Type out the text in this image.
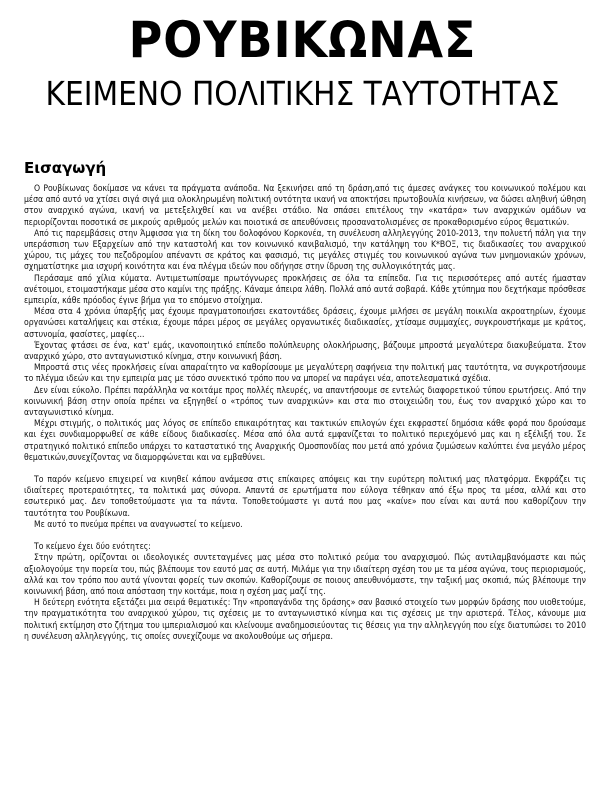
ΡΟΥΒΙΚΩΝΑΣ
ΚΕΙΜΕΝΟ ΠΟΛΙΤΙΚΗΣ ΤΑΥΤΟΤΗΤΑΣ
Εισαγωγή

Ο Ρουβίκωνας δοκίμασε να κάνει τα πράγματα ανάποδα. Να ξεκινήσει από τη δράση,από τις άμεσες ανάγκες του κοινωνικού πολέμου και μέσα από αυτό να χτίσει σιγά σιγά μια ολοκληρωμένη πολιτική οντότητα ικανή να αποκτήσει πρωτοβουλία κινήσεων, να δώσει αληθινή ώθηση στον αναρχικό αγώνα, ικανή να μετεξελιχθεί και να ανέβει στάδιο. Να σπάσει επιτέλους την «κατάρα» των αναρχικών ομάδων να περιορίζονται ποσοτικά σε μικρούς αριθμούς μελών και ποιοτικά σε απευθύνσεις προσανατολισμένες σε προκαθορισμένο εύρος θεματικών.

Από τις παρεμβάσεις στην Άμφισσα για τη δίκη του δολοφόνου Κορκονέα, τη συνέλευση αλληλεγγύης 2010-2013, την πολυετή πάλη για την υπεράσπιση των Εξαρχείων από την καταστολή και τον κοινωνικό κανιβαλισμό, την κατάληψη του Κ*ΒΟΞ, τις διαδικασίες του αναρχικού χώρου, τις μάχες του πεζοδρομίου απέναντι σε κράτος και φασισμό, τις μεγάλες στιγμές του κοινωνικού αγώνα των μνημονιακών χρόνων, σχηματίστηκε μια ισχυρή κοινότητα και ένα πλέγμα ιδεών που οδήγησε στην ίδρυση της συλλογικότητάς μας.

Περάσαμε από χίλια κύματα. Αντιμετωπίσαμε πρωτόγνωρες προκλήσεις σε όλα τα επίπεδα. Για τις περισσότερες από αυτές ήμασταν ανέτοιμοι, ετοιμαστήκαμε μέσα στο καμίνι της πράξης. Κάναμε άπειρα λάθη. Πολλά από αυτά σοβαρά. Κάθε χτύπημα που δεχτήκαμε πρόσθεσε εμπειρία, κάθε πρόοδος έγινε βήμα για το επόμενο στοίχημα.

Μέσα στα 4 χρόνια ύπαρξής μας έχουμε πραγματοποιήσει εκατοντάδες δράσεις, έχουμε μιλήσει σε μεγάλη ποικιλία ακροατηρίων, έχουμε οργανώσει καταλήψεις και στέκια, έχουμε πάρει μέρος σε μεγάλες οργανωτικές διαδικασίες, χτίσαμε συμμαχίες, συγκρουστήκαμε με κράτος, αστυνομία, φασίστες, μαφίες...

Έχοντας φτάσει σε ένα, κατ' εμάς, ικανοποιητικό επίπεδο πολύπλευρης ολοκλήρωσης, βάζουμε μπροστά μεγαλύτερα διακυβεύματα. Στον αναρχικό χώρο, στο ανταγωνιστικό κίνημα, στην κοινωνική βάση.

Μπροστά στις νέες προκλήσεις είναι απαραίτητο να καθορίσουμε με μεγαλύτερη σαφήνεια την πολιτική μας ταυτότητα, να συγκροτήσουμε το πλέγμα ιδεών και την εμπειρία μας με τόσο συνεκτικό τρόπο που να μπορεί να παράγει νέα, αποτελεσματικά σχέδια.

Δεν είναι εύκολο. Πρέπει παράλληλα να κοιτάμε προς πολλές πλευρές, να απαντήσουμε σε εντελώς διαφορετικού τύπου ερωτήσεις. Από την κοινωνική βάση στην οποία πρέπει να εξηγηθεί ο «τρόπος των αναρχικών» και στα πιο στοιχειώδη του, έως τον αναρχικό χώρο και το ανταγωνιστικό κίνημα.

Μέχρι στιγμής, ο πολιτικός μας λόγος σε επίπεδο επικαιρότητας και τακτικών επιλογών έχει εκφραστεί δημόσια κάθε φορά που δρούσαμε και έχει συνδιαμορφωθεί σε κάθε είδους διαδικασίες. Μέσα από όλα αυτά εμφανίζεται το πολιτικό περιεχόμενό μας και η εξέλιξή του. Σε στρατηγικό πολιτικό επίπεδο υπάρχει το καταστατικό της Αναρχικής Ομοσπονδίας που μετά από χρόνια ζυμώσεων καλύπτει ένα μεγάλο μέρος θεματικών,συνεχίζοντας να διαμορφώνεται και να εμβαθύνει.

Το παρόν κείμενο επιχειρεί να κινηθεί κάπου ανάμεσα στις επίκαιρες απόψεις και την ευρύτερη πολιτική μας πλατφόρμα. Εκφράζει τις ιδιαίτερες προτεραιότητες, τα πολιτικά μας σύνορα. Απαντά σε ερωτήματα που εύλογα τέθηκαν από έξω προς τα μέσα, αλλά και στο εσωτερικό μας. Δεν τοποθετούμαστε για τα πάντα. Τοποθετούμαστε γι αυτά που μας «καίνε» που είναι και αυτά που καθορίζουν την ταυτότητα του Ρουβίκωνα.

Με αυτό το πνεύμα πρέπει να αναγνωστεί το κείμενο.

Το κείμενο έχει δύο ενότητες:

Στην πρώτη, ορίζονται οι ιδεολογικές συντεταγμένες μας μέσα στο πολιτικό ρεύμα του αναρχισμού. Πώς αντιλαμβανόμαστε και πώς αξιολογούμε την πορεία του, πώς βλέπουμε τον εαυτό μας σε αυτή. Μιλάμε για την ιδιαίτερη σχέση του με τα μέσα αγώνα, τους περιορισμούς, αλλά και τον τρόπο που αυτά γίνονται φορείς των σκοπών. Καθορίζουμε σε ποιους απευθυνόμαστε, την ταξική μας σκοπιά, πώς βλέπουμε την κοινωνική βάση, από ποια απόσταση την κοιτάμε, ποια η σχέση μας μαζί της.

Η δεύτερη ενότητα εξετάζει μια σειρά θεματικές: Την «προπαγάνδα της δράσης» σαν βασικό στοιχείο των μορφών δράσης που υιοθετούμε, την πραγματικότητα του αναρχικού χώρου, τις σχέσεις με το ανταγωνιστικό κίνημα και τις σχέσεις με την αριστερά. Τέλος, κάνουμε μια πολιτική εκτίμηση στο ζήτημα του ιμπεριαλισμού και κλείνουμε αναδημοσιεύοντας τις θέσεις για την αλληλεγγύη που είχε διατυπώσει το 2010 η συνέλευση αλληλεγγύης, τις οποίες συνεχίζουμε να ακολουθούμε ως σήμερα.
